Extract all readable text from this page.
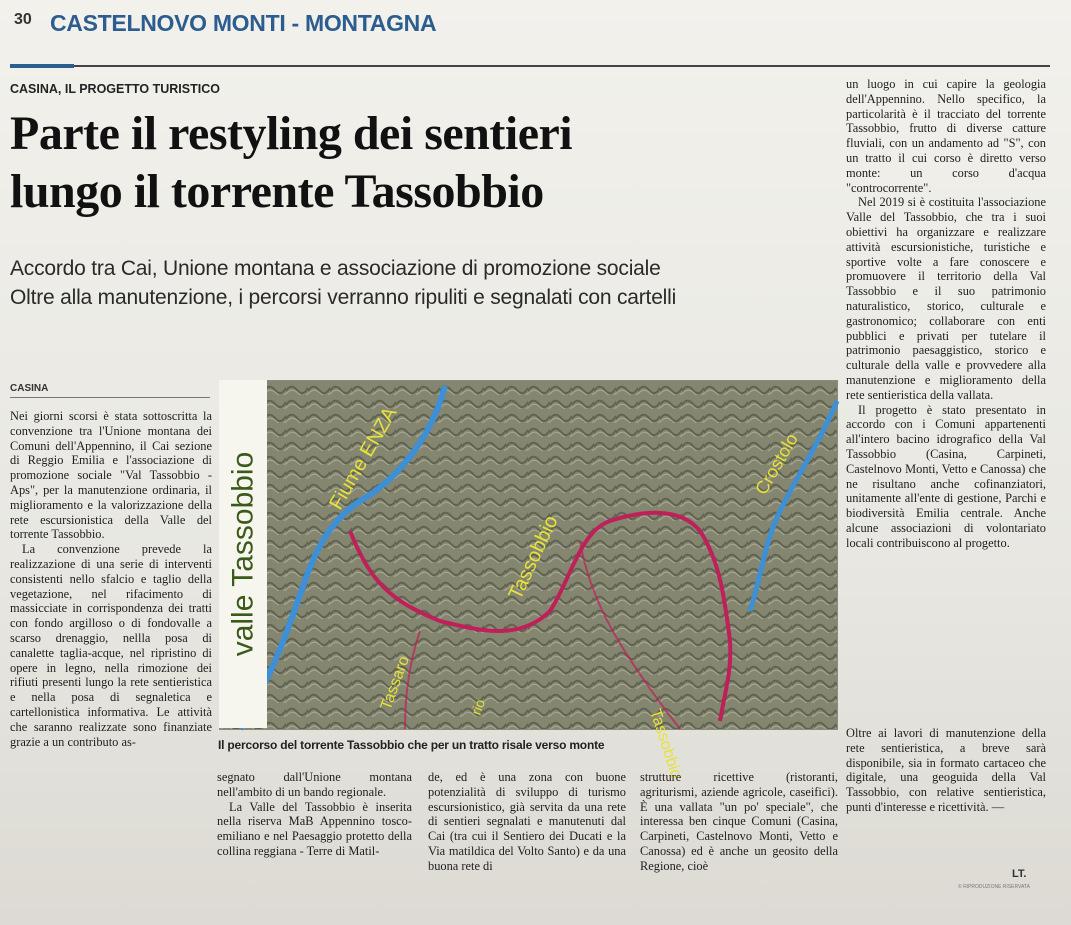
30 CASTELNOVO MONTI - MONTAGNA
CASINA, IL PROGETTO TURISTICO
Parte il restyling dei sentieri
lungo il torrente Tassobbio
Accordo tra Cai, Unione montana e associazione di promozione sociale
Oltre alla manutenzione, i percorsi verranno ripuliti e segnalati con cartelli
CASINA

Nei giorni scorsi è stata sottoscritta la convenzione tra l'Unione montana dei Comuni dell'Appennino, il Cai sezione di Reggio Emilia e l'associazione di promozione sociale "Val Tassobbio - Aps", per la manutenzione ordinaria, il miglioramento e la valorizzazione della rete escursionistica della Valle del torrente Tassobbio.

La convenzione prevede la realizzazione di una serie di interventi consistenti nello sfalcio e taglio della vegetazione, nel rifacimento di massicciate in corrispondenza dei tratti con fondo argilloso o di fondovalle a scarso drenaggio, nellla posa di canalette taglia-acque, nel ripristino di opere in legno, nella rimozione dei rifiuti presenti lungo la rete sentieristica e nella posa di segnaletica e cartellonistica informativa. Le attività che saranno realizzate sono finanziate grazie a un contributo as-

Fiume ENZA
Tassobbio
Tassaro
Crostolo
Tassobbio
rio
valle Tassobbio
Il percorso del torrente Tassobbio che per un tratto risale verso monte

segnato dall'Unione montana nell'ambito di un bando regionale.

La Valle del Tassobbio è inserita nella riserva MaB Appennino tosco-emiliano e nel Paesaggio protetto della collina reggiana - Terre di Matil-

de, ed è una zona con buone potenzialità di sviluppo di turismo escursionistico, già servita da una rete di sentieri segnalati e manutenuti dal Cai (tra cui il Sentiero dei Ducati e la Via matildica del Volto Santo) e da una buona rete di

strutture ricettive (ristoranti, agriturismi, aziende agricole, caseifici). È una vallata "un po' speciale", che interessa ben cinque Comuni (Casina, Carpineti, Castelnovo Monti, Vetto e Canossa) ed è anche un geosito della Regione, cioè

un luogo in cui capire la geologia dell'Appennino. Nello specifico, la particolarità è il tracciato del torrente Tassobbio, frutto di diverse catture fluviali, con un andamento ad "S", con un tratto il cui corso è diretto verso monte: un corso d'acqua "controcorrente".

Nel 2019 si è costituita l'associazione Valle del Tassobbio, che tra i suoi obiettivi ha organizzare e realizzare attività escursionistiche, turistiche e sportive volte a fare conoscere e promuovere il territorio della Val Tassobbio e il suo patrimonio naturalistico, storico, culturale e gastronomico; collaborare con enti pubblici e privati per tutelare il patrimonio paesaggistico, storico e culturale della valle e provvedere alla manutenzione e miglioramento della rete sentieristica della vallata.

Il progetto è stato presentato in accordo con i Comuni appartenenti all'intero bacino idrografico della Val Tassobbio (Casina, Carpineti, Castelnovo Monti, Vetto e Canossa) che ne risultano anche cofinanziatori, unitamente all'ente di gestione, Parchi e biodiversità Emilia centrale. Anche alcune associazioni di volontariato locali contribuiscono al progetto.

Oltre ai lavori di manutenzione della rete sentieristica, a breve sarà disponibile, sia in formato cartaceo che digitale, una geoguida della Val Tassobbio, con relative sentieristica, punti d'interesse e ricettività. —

LT.
© RIPRODUZIONE RISERVATA
